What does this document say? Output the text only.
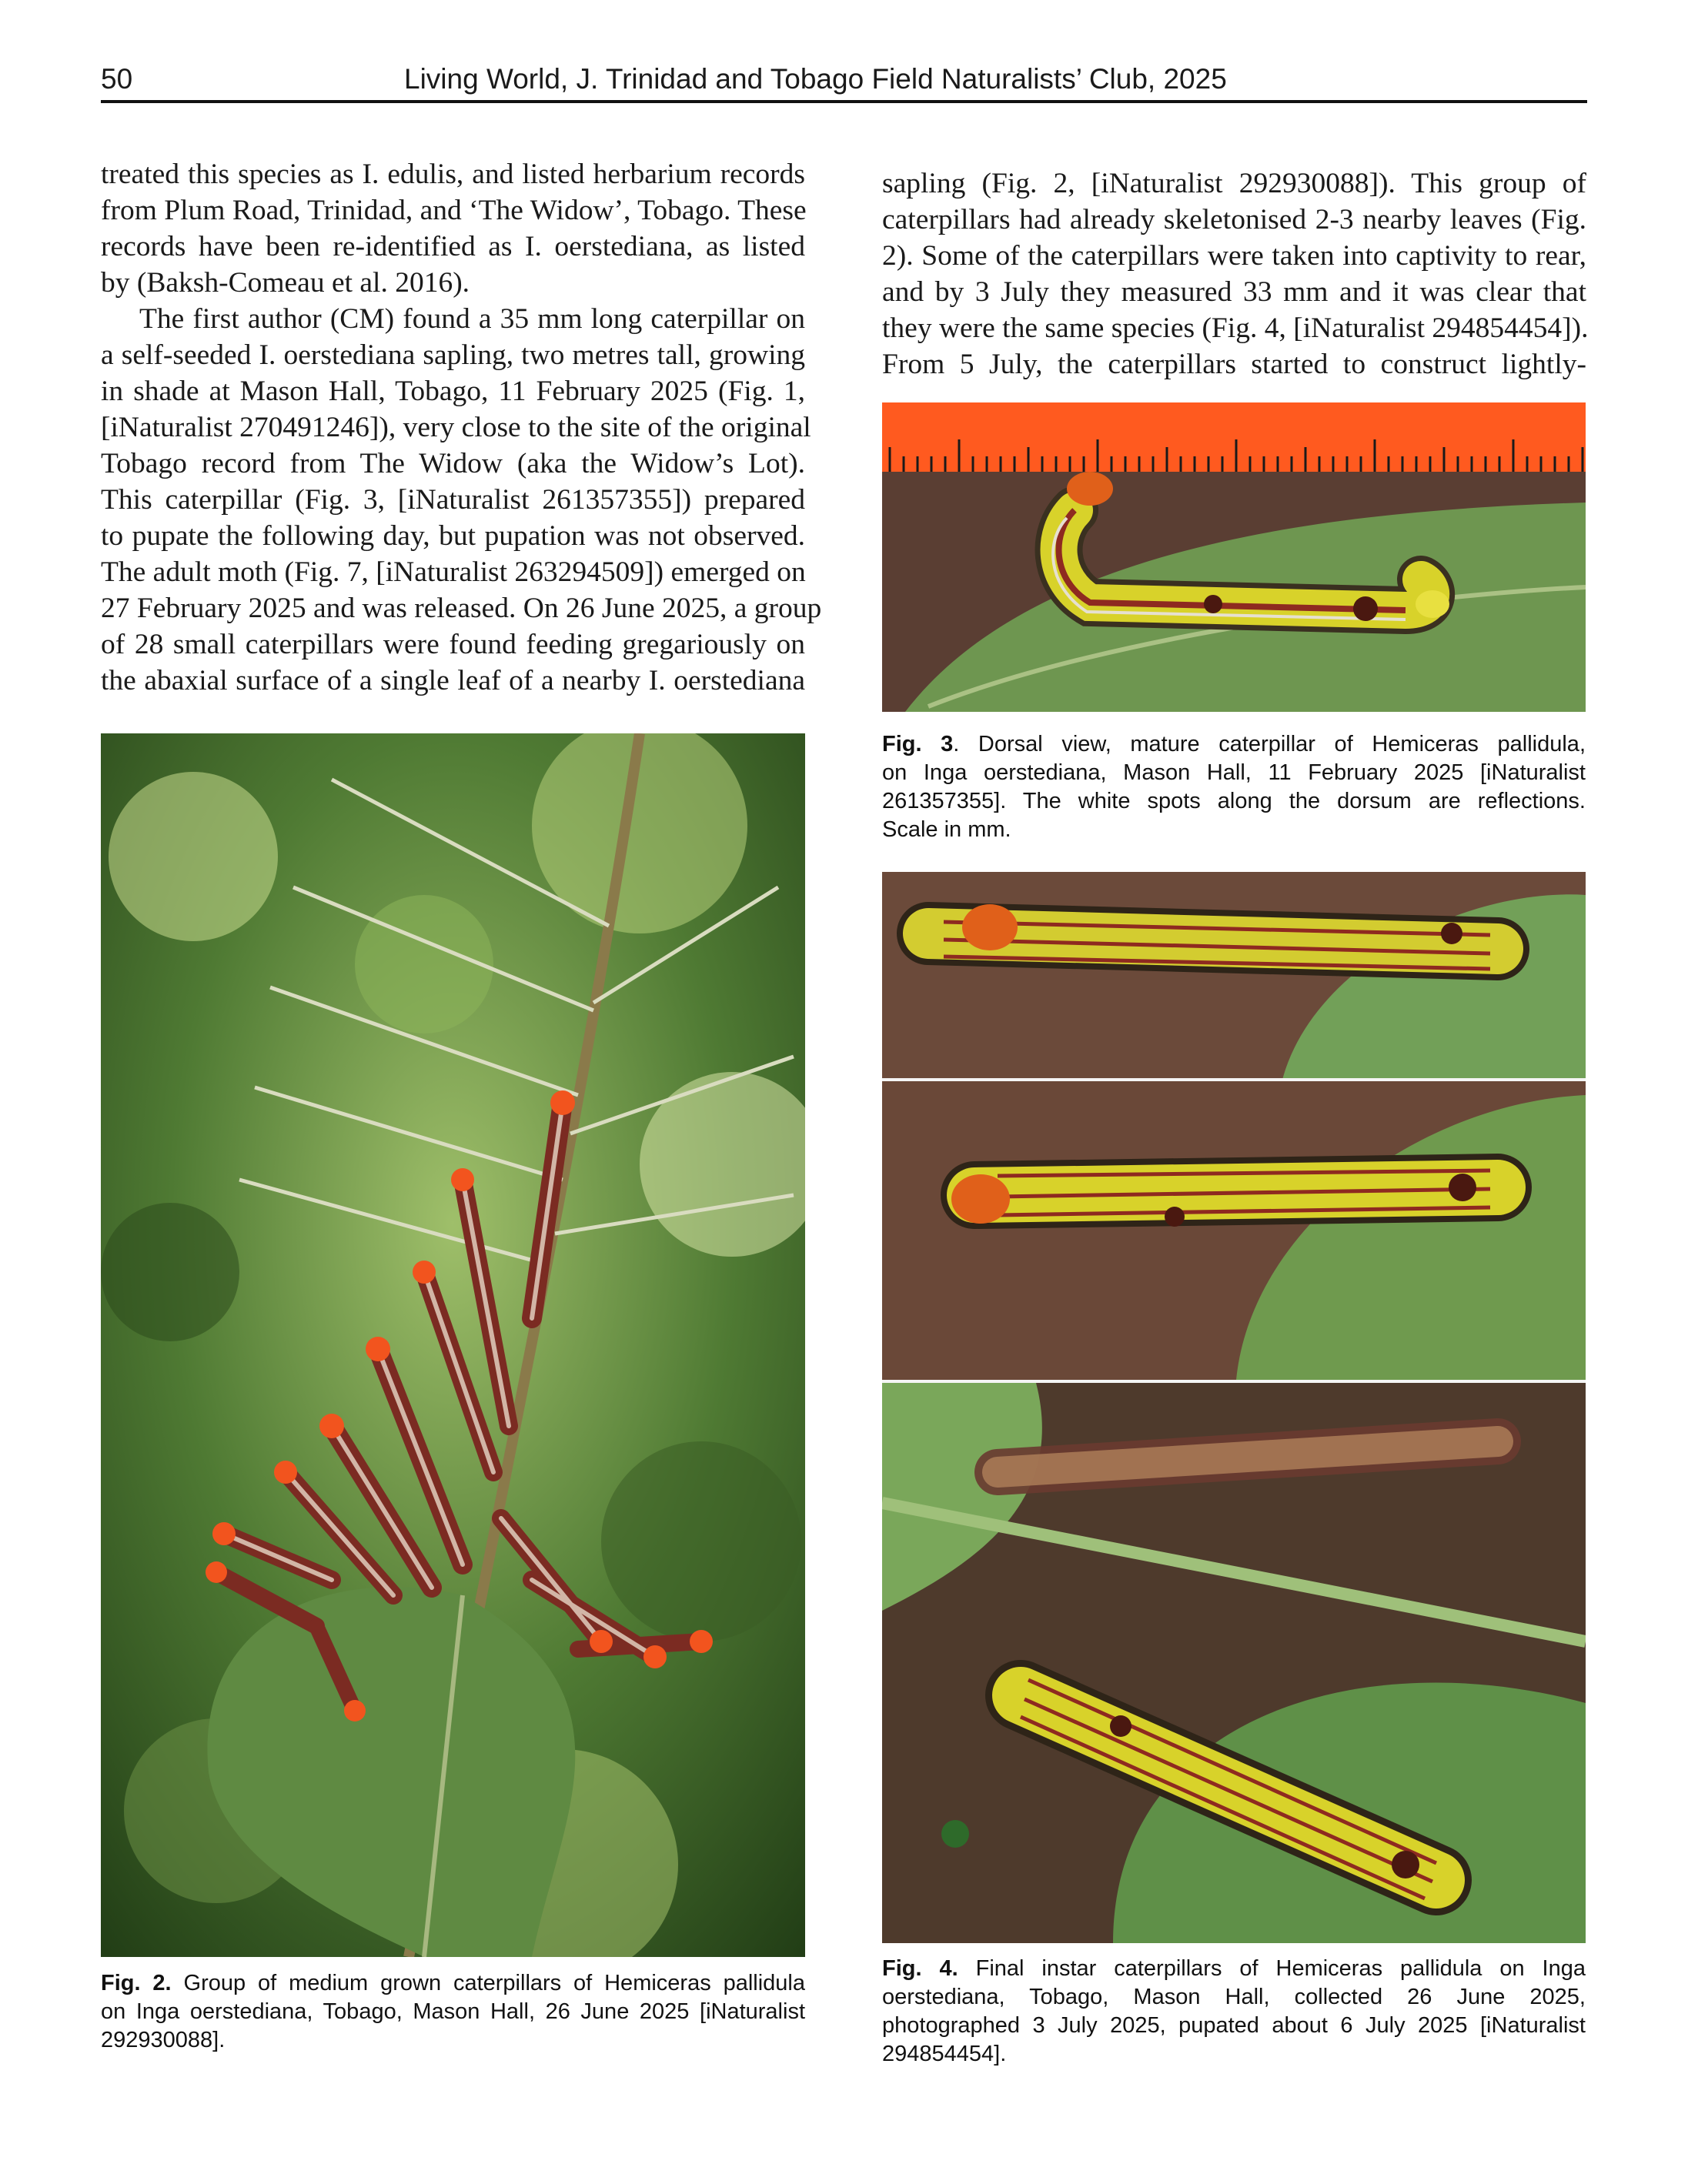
50	Living World, J. Trinidad and Tobago Field Naturalists’ Club, 2025

treated this species as I. edulis, and listed herbarium records
from Plum Road, Trinidad, and ‘The Widow’, Tobago. These
records have been re-identified as I. oerstediana, as listed
by (Baksh-Comeau et al. 2016).

The first author (CM) found a 35 mm long caterpillar on
a self-seeded I. oerstediana sapling, two metres tall, growing
in shade at Mason Hall, Tobago, 11 February 2025 (Fig. 1,
[iNaturalist 270491246]), very close to the site of the original
Tobago record from The Widow (aka the Widow’s Lot).
This caterpillar (Fig. 3, [iNaturalist 261357355]) prepared
to pupate the following day, but pupation was not observed.
The adult moth (Fig. 7, [iNaturalist 263294509]) emerged on
27 February 2025 and was released. On 26 June 2025, a group
of 28 small caterpillars were found feeding gregariously on
the abaxial surface of a single leaf of a nearby I. oerstediana

sapling (Fig. 2, [iNaturalist 292930088]). This group of
caterpillars had already skeletonised 2-3 nearby leaves (Fig.
2). Some of the caterpillars were taken into captivity to rear,
and by 3 July they measured 33 mm and it was clear that
they were the same species (Fig. 4, [iNaturalist 294854454]).
From 5 July, the caterpillars started to construct lightly-

Fig. 2. Group of medium grown caterpillars of Hemiceras pallidula
on Inga oerstediana, Tobago, Mason Hall, 26 June 2025 [iNaturalist
292930088].
Fig. 3. Dorsal view, mature caterpillar of Hemiceras pallidula,
on Inga oerstediana, Mason Hall, 11 February 2025 [iNaturalist
261357355]. The white spots along the dorsum are reflections.
Scale in mm.
Fig. 4. Final instar caterpillars of Hemiceras pallidula on Inga
oerstediana, Tobago, Mason Hall, collected 26 June 2025,
photographed 3 July 2025, pupated about 6 July 2025 [iNaturalist
294854454].
